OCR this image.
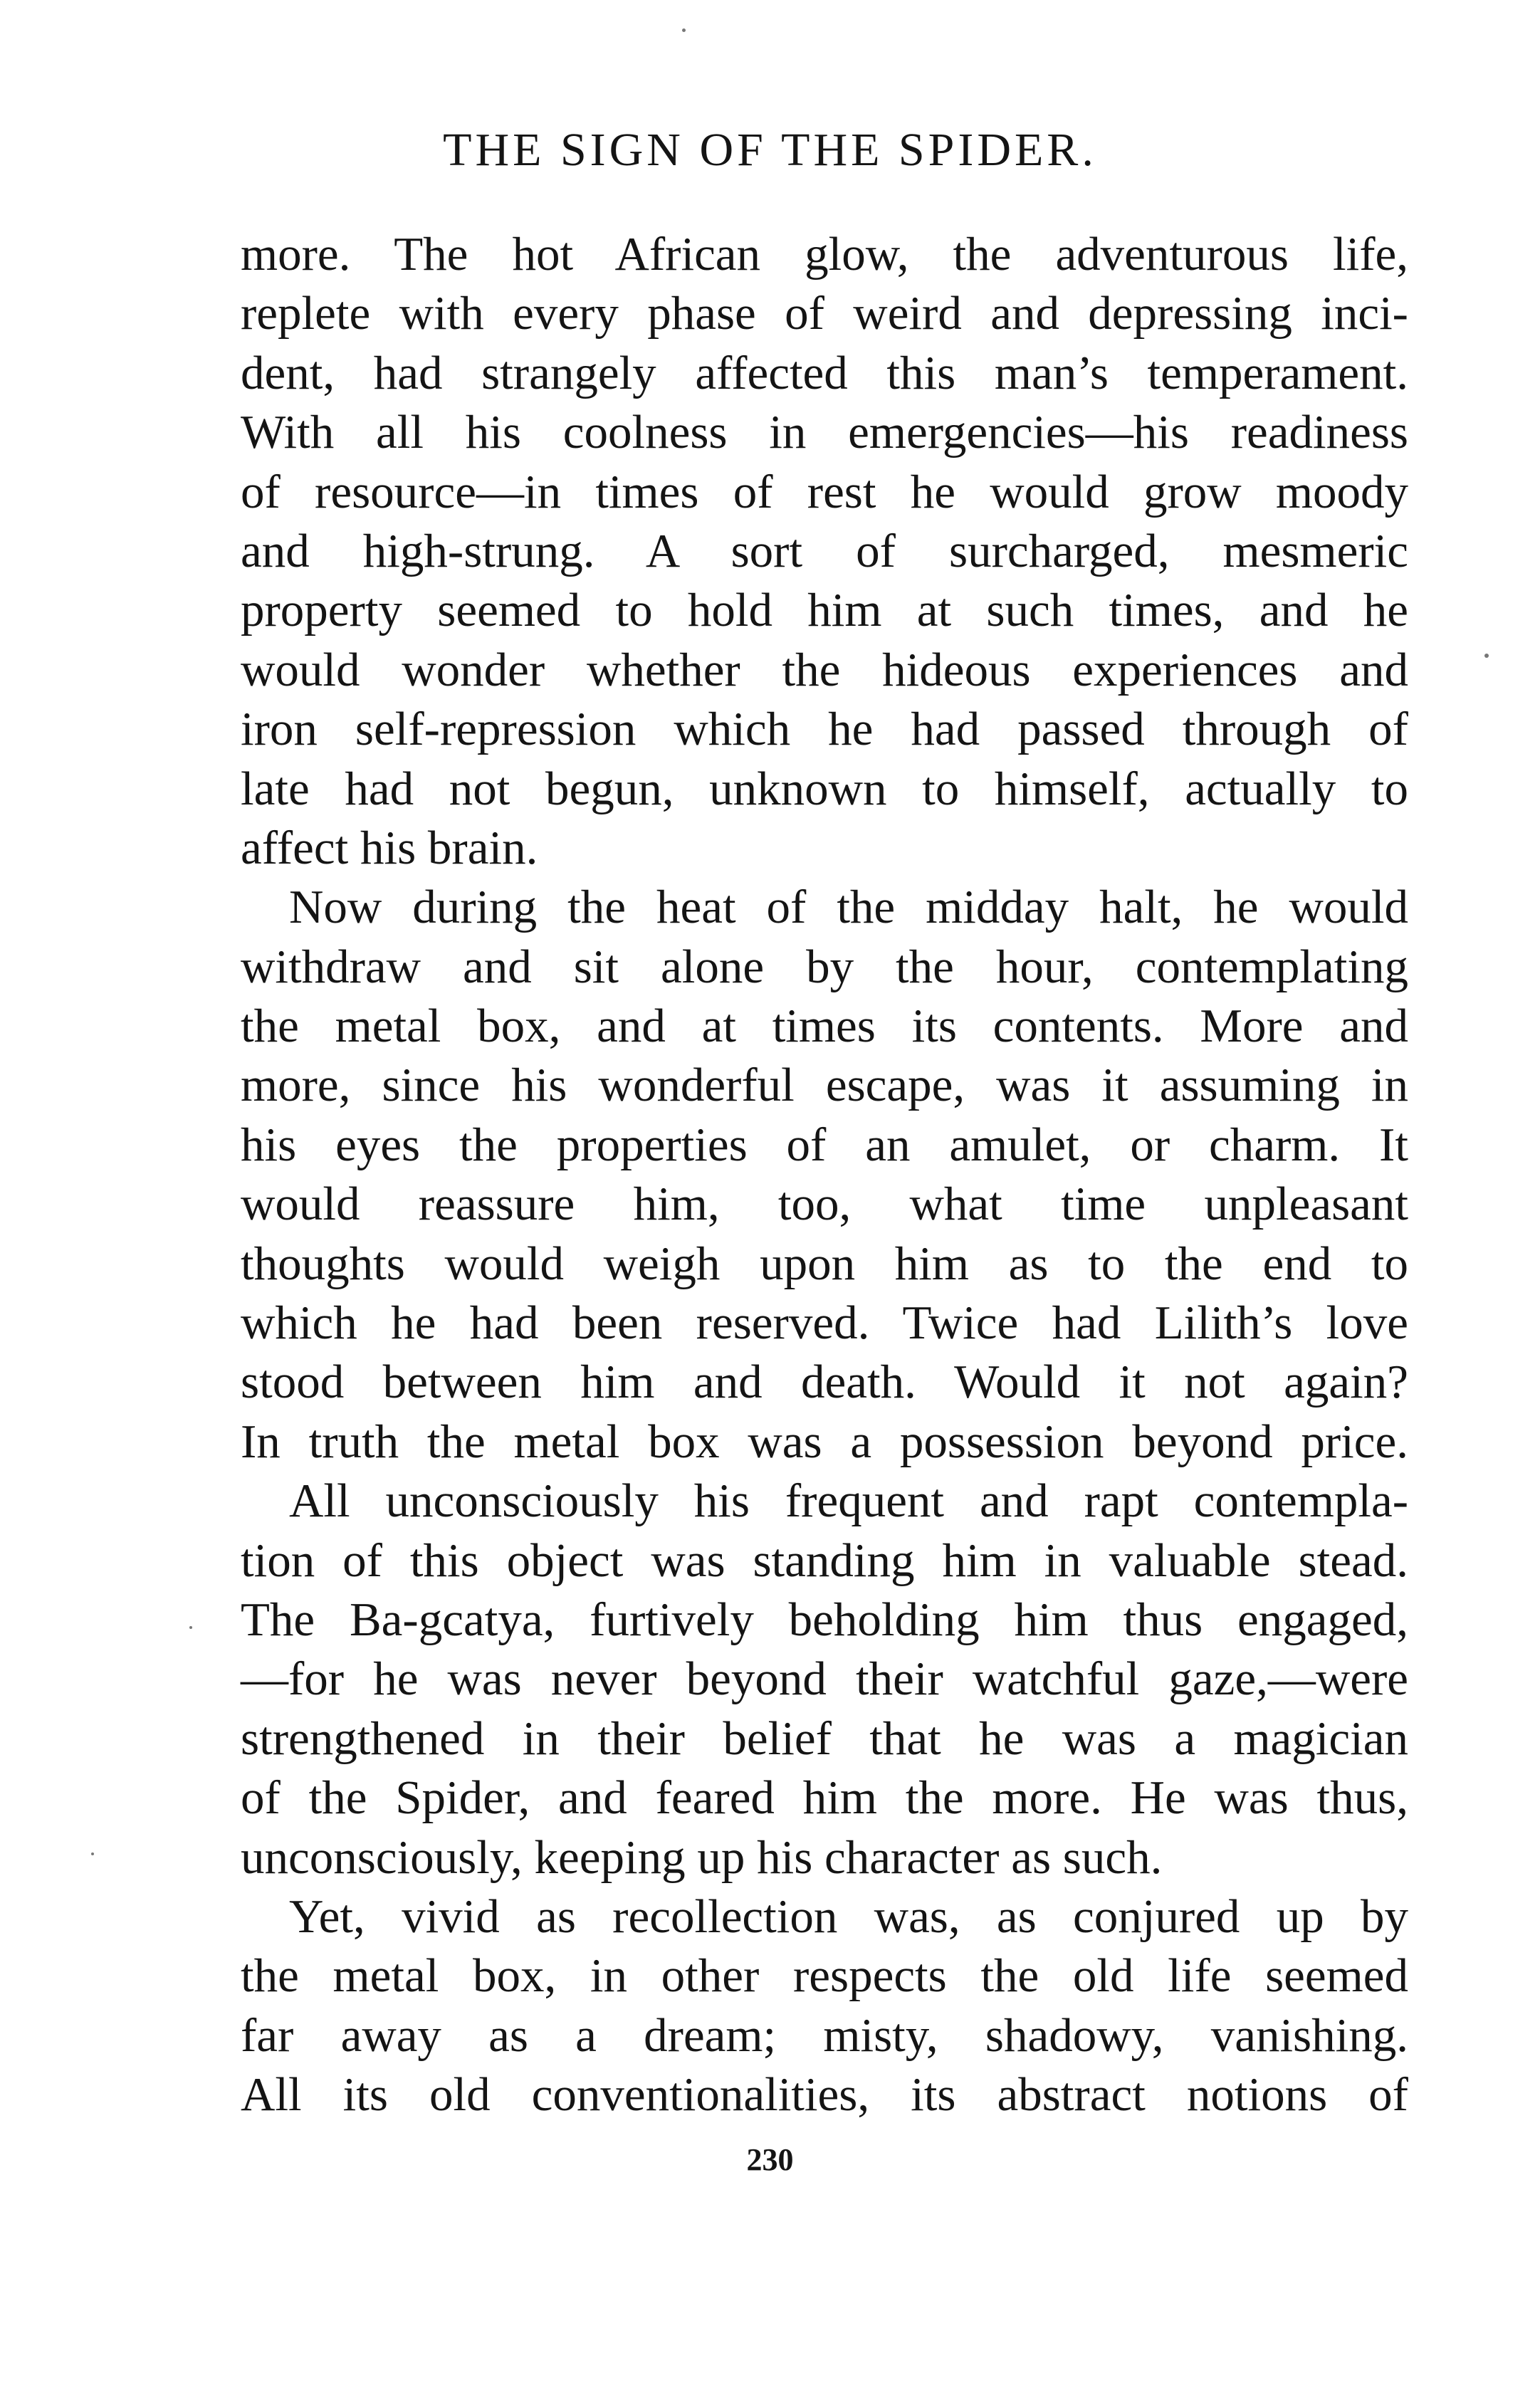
THE SIGN OF THE SPIDER.
more. The hot African glow, the adventurous life,
replete with every phase of weird and depressing inci-
dent, had strangely affected this man’s temperament.
With all his coolness in emergencies—his readiness
of resource—in times of rest he would grow moody
and high-strung. A sort of surcharged, mesmeric
property seemed to hold him at such times, and he
would wonder whether the hideous experiences and
iron self-repression which he had passed through of
late had not begun, unknown to himself, actually to
affect his brain.
Now during the heat of the midday halt, he would
withdraw and sit alone by the hour, contemplating
the metal box, and at times its contents. More and
more, since his wonderful escape, was it assuming in
his eyes the properties of an amulet, or charm. It
would reassure him, too, what time unpleasant
thoughts would weigh upon him as to the end to
which he had been reserved. Twice had Lilith’s love
stood between him and death. Would it not again?
In truth the metal box was a possession beyond price.
All unconsciously his frequent and rapt contempla-
tion of this object was standing him in valuable stead.
The Ba-gcatya, furtively beholding him thus engaged,
—for he was never beyond their watchful gaze,—were
strengthened in their belief that he was a magician
of the Spider, and feared him the more. He was thus,
unconsciously, keeping up his character as such.
Yet, vivid as recollection was, as conjured up by
the metal box, in other respects the old life seemed
far away as a dream; misty, shadowy, vanishing.
All its old conventionalities, its abstract notions of
230
